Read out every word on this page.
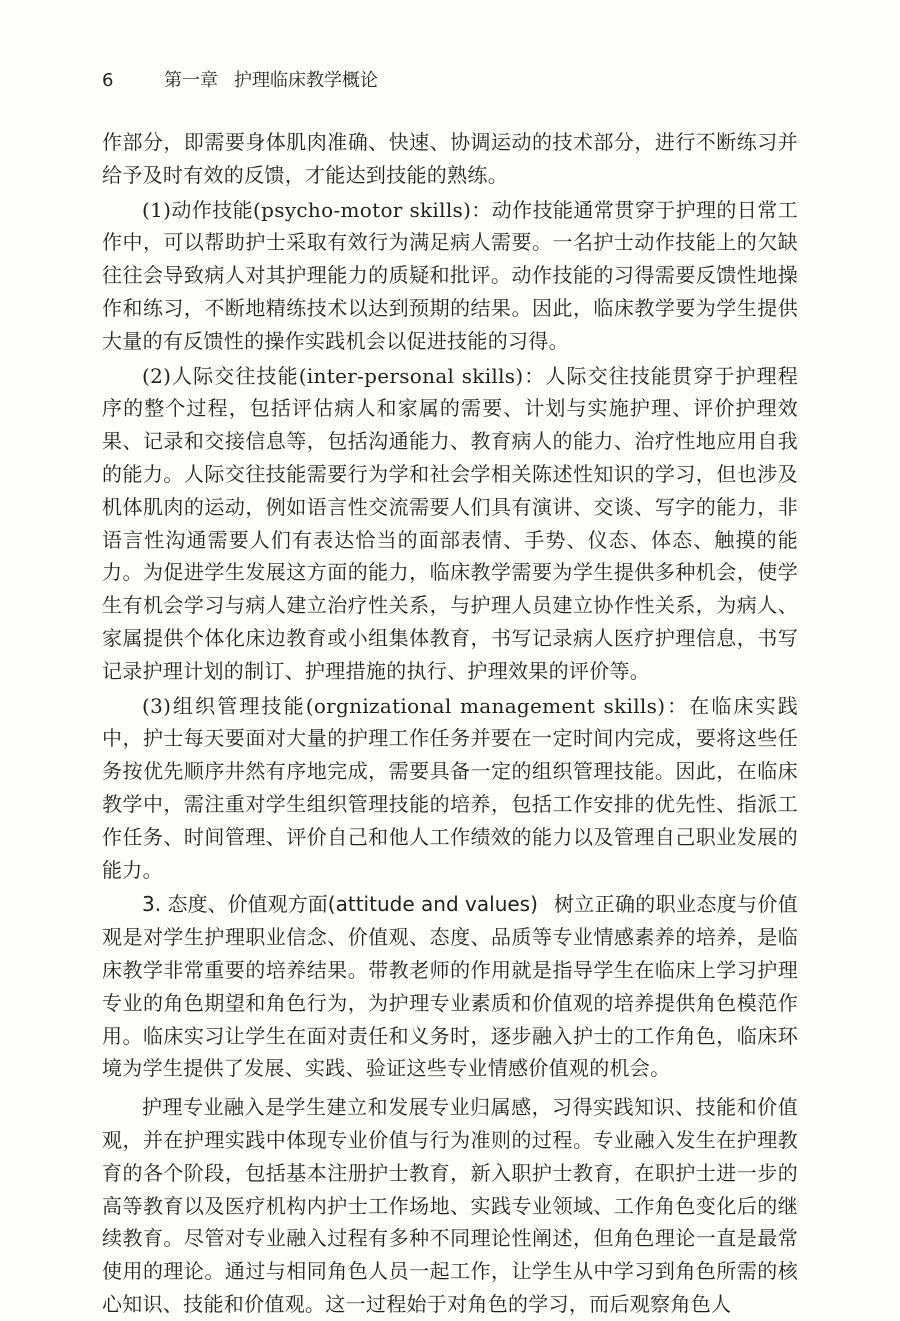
6	第一章 护理临床教学概论

作部分，即需要身体肌肉准确、快速、协调运动的技术部分，进行不断练习并给予及时有效的反馈，才能达到技能的熟练。

(1)动作技能(psycho-motor skills)：动作技能通常贯穿于护理的日常工作中，可以帮助护士采取有效行为满足病人需要。一名护士动作技能上的欠缺往往会导致病人对其护理能力的质疑和批评。动作技能的习得需要反馈性地操作和练习，不断地精练技术以达到预期的结果。因此，临床教学要为学生提供大量的有反馈性的操作实践机会以促进技能的习得。

(2)人际交往技能(inter-personal skills)：人际交往技能贯穿于护理程序的整个过程，包括评估病人和家属的需要、计划与实施护理、评价护理效果、记录和交接信息等，包括沟通能力、教育病人的能力、治疗性地应用自我的能力。人际交往技能需要行为学和社会学相关陈述性知识的学习，但也涉及机体肌肉的运动，例如语言性交流需要人们具有演讲、交谈、写字的能力，非语言性沟通需要人们有表达恰当的面部表情、手势、仪态、体态、触摸的能力。为促进学生发展这方面的能力，临床教学需要为学生提供多种机会，使学生有机会学习与病人建立治疗性关系，与护理人员建立协作性关系，为病人、家属提供个体化床边教育或小组集体教育，书写记录病人医疗护理信息，书写记录护理计划的制订、护理措施的执行、护理效果的评价等。

(3)组织管理技能(orgnizational management skills)：在临床实践中，护士每天要面对大量的护理工作任务并要在一定时间内完成，要将这些任务按优先顺序井然有序地完成，需要具备一定的组织管理技能。因此，在临床教学中，需注重对学生组织管理技能的培养，包括工作安排的优先性、指派工作任务、时间管理、评价自己和他人工作绩效的能力以及管理自己职业发展的能力。

3. 态度、价值观方面(attitude and values) 树立正确的职业态度与价值观是对学生护理职业信念、价值观、态度、品质等专业情感素养的培养，是临床教学非常重要的培养结果。带教老师的作用就是指导学生在临床上学习护理专业的角色期望和角色行为，为护理专业素质和价值观的培养提供角色模范作用。临床实习让学生在面对责任和义务时，逐步融入护士的工作角色，临床环境为学生提供了发展、实践、验证这些专业情感价值观的机会。

护理专业融入是学生建立和发展专业归属感，习得实践知识、技能和价值观，并在护理实践中体现专业价值与行为准则的过程。专业融入发生在护理教育的各个阶段，包括基本注册护士教育，新入职护士教育，在职护士进一步的高等教育以及医疗机构内护士工作场地、实践专业领域、工作角色变化后的继续教育。尽管对专业融入过程有多种不同理论性阐述，但角色理论一直是最常使用的理论。通过与相同角色人员一起工作，让学生从中学习到角色所需的核心知识、技能和价值观。这一过程始于对角色的学习，而后观察角色人
